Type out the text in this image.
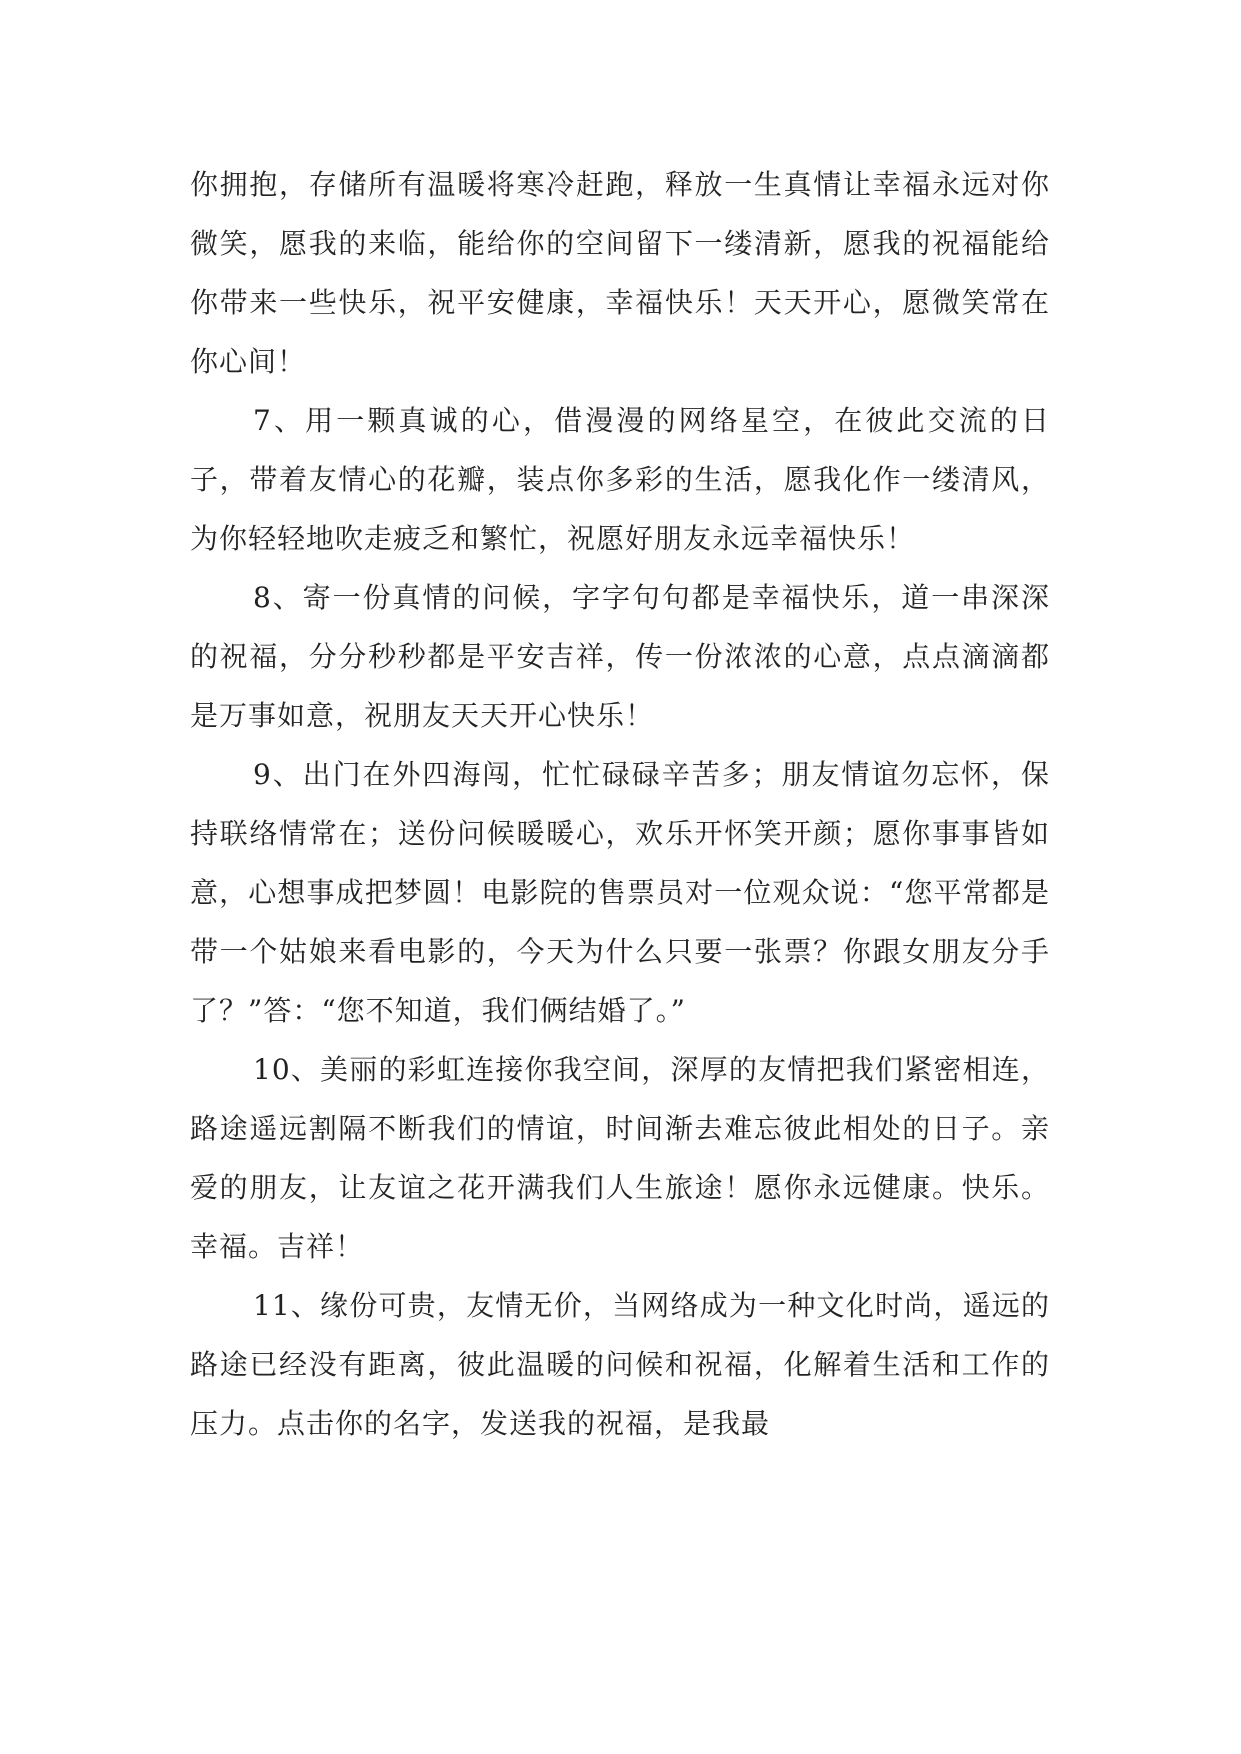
你拥抱，存储所有温暖将寒冷赶跑，释放一生真情让幸福永远对你微笑，愿我的来临，能给你的空间留下一缕清新，愿我的祝福能给你带来一些快乐，祝平安健康，幸福快乐！天天开心，愿微笑常在你心间！

7、用一颗真诚的心，借漫漫的网络星空，在彼此交流的日子，带着友情心的花瓣，装点你多彩的生活，愿我化作一缕清风，为你轻轻地吹走疲乏和繁忙，祝愿好朋友永远幸福快乐！

8、寄一份真情的问候，字字句句都是幸福快乐，道一串深深的祝福，分分秒秒都是平安吉祥，传一份浓浓的心意，点点滴滴都是万事如意，祝朋友天天开心快乐！

9、出门在外四海闯，忙忙碌碌辛苦多；朋友情谊勿忘怀，保持联络情常在；送份问候暖暖心，欢乐开怀笑开颜；愿你事事皆如意，心想事成把梦圆！电影院的售票员对一位观众说：“您平常都是带一个姑娘来看电影的，今天为什么只要一张票？你跟女朋友分手了？”答：“您不知道，我们俩结婚了。”

10、美丽的彩虹连接你我空间，深厚的友情把我们紧密相连，路途遥远割隔不断我们的情谊，时间渐去难忘彼此相处的日子。亲爱的朋友，让友谊之花开满我们人生旅途！愿你永远健康。快乐。幸福。吉祥！

11、缘份可贵，友情无价，当网络成为一种文化时尚，遥远的路途已经没有距离，彼此温暖的问候和祝福，化解着生活和工作的压力。点击你的名字，发送我的祝福，是我最
